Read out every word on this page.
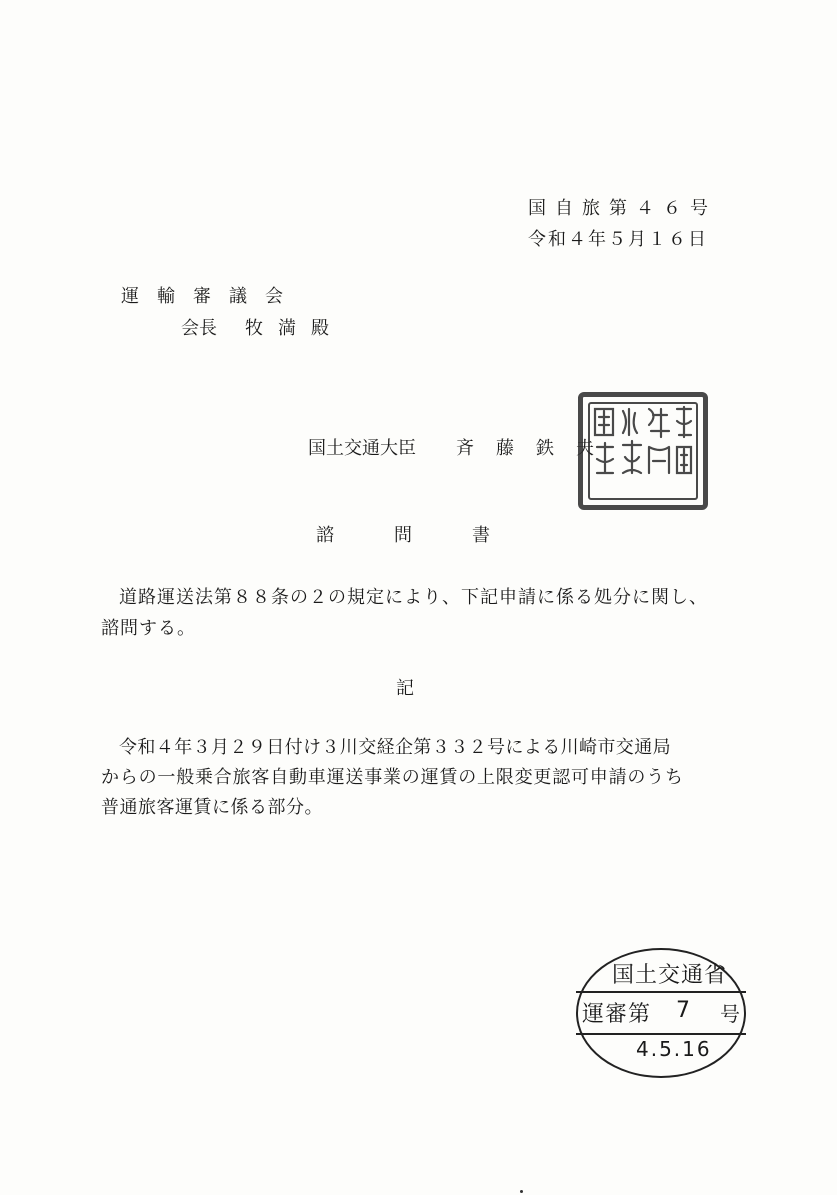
国自旅第４６号
令和４年５月１６日
運輸審議会
会長 牧満殿
国土交通大臣 斉藤鉄夫
諮問書
道路運送法第８８条の２の規定により、下記申請に係る処分に関し、
諮問する。
記
令和４年３月２９日付け３川交経企第３３２号による川崎市交通局
からの一般乗合旅客自動車運送事業の運賃の上限変更認可申請のうち
普通旅客運賃に係る部分。
国土交通省
運審第 7 号
4.5.16
